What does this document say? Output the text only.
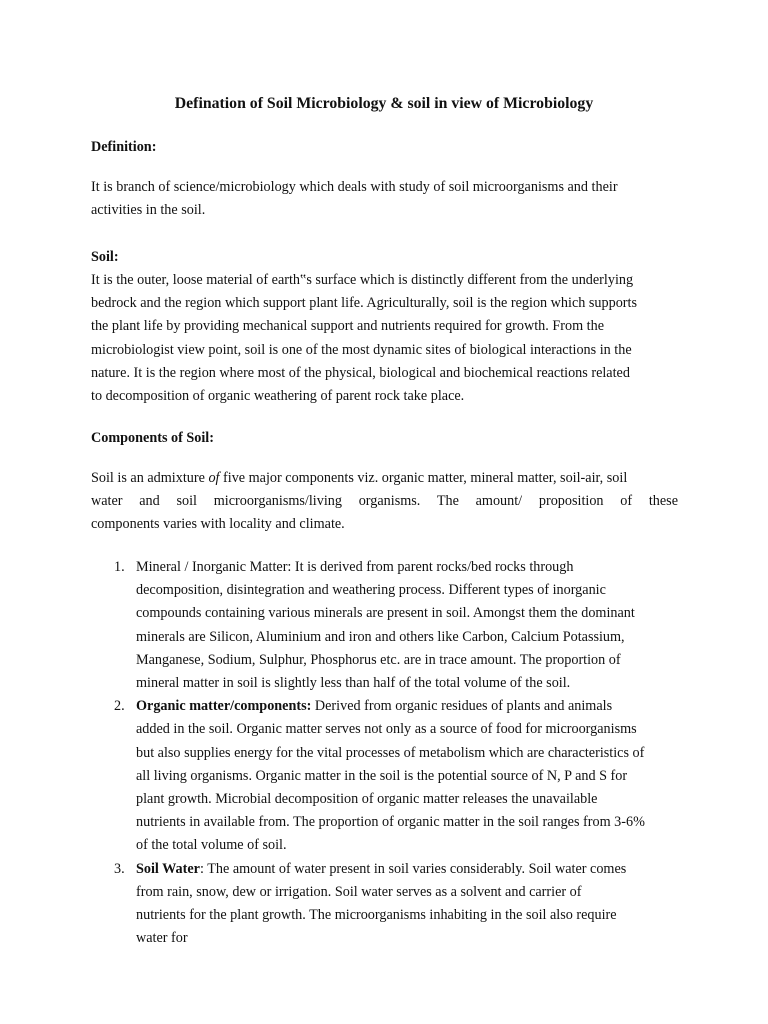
Defination of Soil Microbiology & soil in view of Microbiology

Definition:

It is branch of science/microbiology which deals with study of soil microorganisms and their
activities in the soil.

Soil:

It is the outer, loose material of earth‟s surface which is distinctly different from the underlying
bedrock and the region which support plant life. Agriculturally, soil is the region which supports
the plant life by providing mechanical support and nutrients required for growth. From the
microbiologist view point, soil is one of the most dynamic sites of biological interactions in the
nature. It is the region where most of the physical, biological and biochemical reactions related
to decomposition of organic weathering of parent rock take place.

Components of Soil:

Soil is an admixture of five major components viz. organic matter, mineral matter, soil-air, soil
water and soil microorganisms/living organisms. The amount/ proposition of these
components varies with locality and climate.

1. Mineral / Inorganic Matter: It is derived from parent rocks/bed rocks through
decomposition, disintegration and weathering process. Different types of inorganic
compounds containing various minerals are present in soil. Amongst them the dominant
minerals are Silicon, Aluminium and iron and others like Carbon, Calcium Potassium,
Manganese, Sodium, Sulphur, Phosphorus etc. are in trace amount. The proportion of
mineral matter in soil is slightly less than half of the total volume of the soil.
2. Organic matter/components: Derived from organic residues of plants and animals
added in the soil. Organic matter serves not only as a source of food for microorganisms
but also supplies energy for the vital processes of metabolism which are characteristics of
all living organisms. Organic matter in the soil is the potential source of N, P and S for
plant growth. Microbial decomposition of organic matter releases the unavailable
nutrients in available from. The proportion of organic matter in the soil ranges from 3-6%
of the total volume of soil.
3. Soil Water: The amount of water present in soil varies considerably. Soil water comes
from rain, snow, dew or irrigation. Soil water serves as a solvent and carrier of
nutrients for the plant growth. The microorganisms inhabiting in the soil also require
water for
